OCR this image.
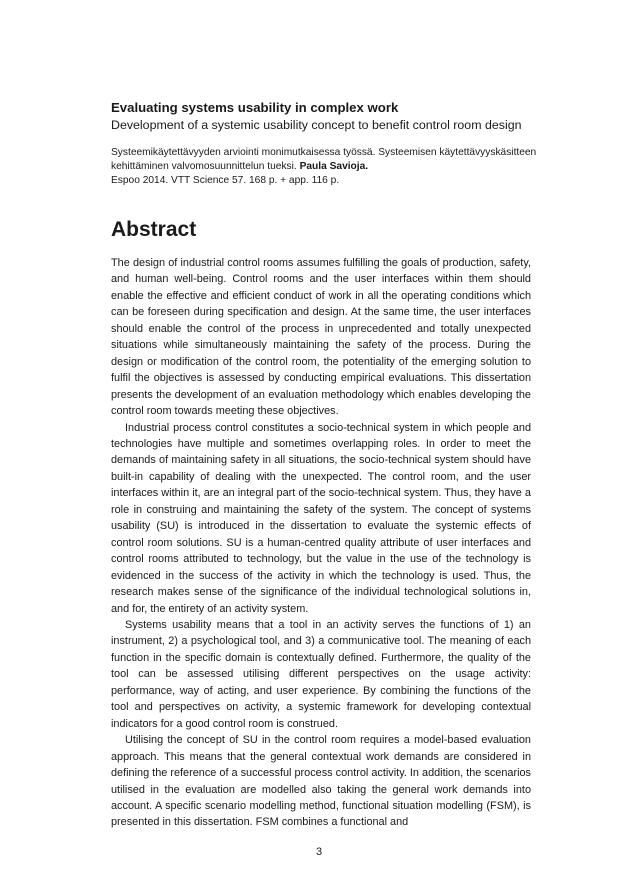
Evaluating systems usability in complex work
Development of a systemic usability concept to benefit control room design
Systeemikäytettävyyden arviointi monimutkaisessa työssä. Systeemisen käytettävyyskäsitteen
kehittäminen valvomosuunnittelun tueksi. Paula Savioja.
Espoo 2014. VTT Science 57. 168 p. + app. 116 p.
Abstract

The design of industrial control rooms assumes fulfilling the goals of production, safety, and human well-being. Control rooms and the user interfaces within them should enable the effective and efficient conduct of work in all the operating conditions which can be foreseen during specification and design. At the same time, the user interfaces should enable the control of the process in unprecedented and totally unexpected situations while simultaneously maintaining the safety of the process. During the design or modification of the control room, the potentiality of the emerging solution to fulfil the objectives is assessed by conducting empirical evaluations. This dissertation presents the development of an evaluation methodology which enables developing the control room towards meeting these objectives.

Industrial process control constitutes a socio-technical system in which people and technologies have multiple and sometimes overlapping roles. In order to meet the demands of maintaining safety in all situations, the socio-technical system should have built-in capability of dealing with the unexpected. The control room, and the user interfaces within it, are an integral part of the socio-technical system. Thus, they have a role in construing and maintaining the safety of the system. The concept of systems usability (SU) is introduced in the dissertation to evaluate the systemic effects of control room solutions. SU is a human-centred quality attribute of user interfaces and control rooms attributed to technology, but the value in the use of the technology is evidenced in the success of the activity in which the technology is used. Thus, the research makes sense of the significance of the individual technological solutions in, and for, the entirety of an activity system.

Systems usability means that a tool in an activity serves the functions of 1) an instrument, 2) a psychological tool, and 3) a communicative tool. The meaning of each function in the specific domain is contextually defined. Furthermore, the quality of the tool can be assessed utilising different perspectives on the usage activity: performance, way of acting, and user experience. By combining the functions of the tool and perspectives on activity, a systemic framework for developing contextual indicators for a good control room is construed.

Utilising the concept of SU in the control room requires a model-based evaluation approach. This means that the general contextual work demands are considered in defining the reference of a successful process control activity. In addition, the scenarios utilised in the evaluation are modelled also taking the general work demands into account. A specific scenario modelling method, functional situation modelling (FSM), is presented in this dissertation. FSM combines a functional and

3
